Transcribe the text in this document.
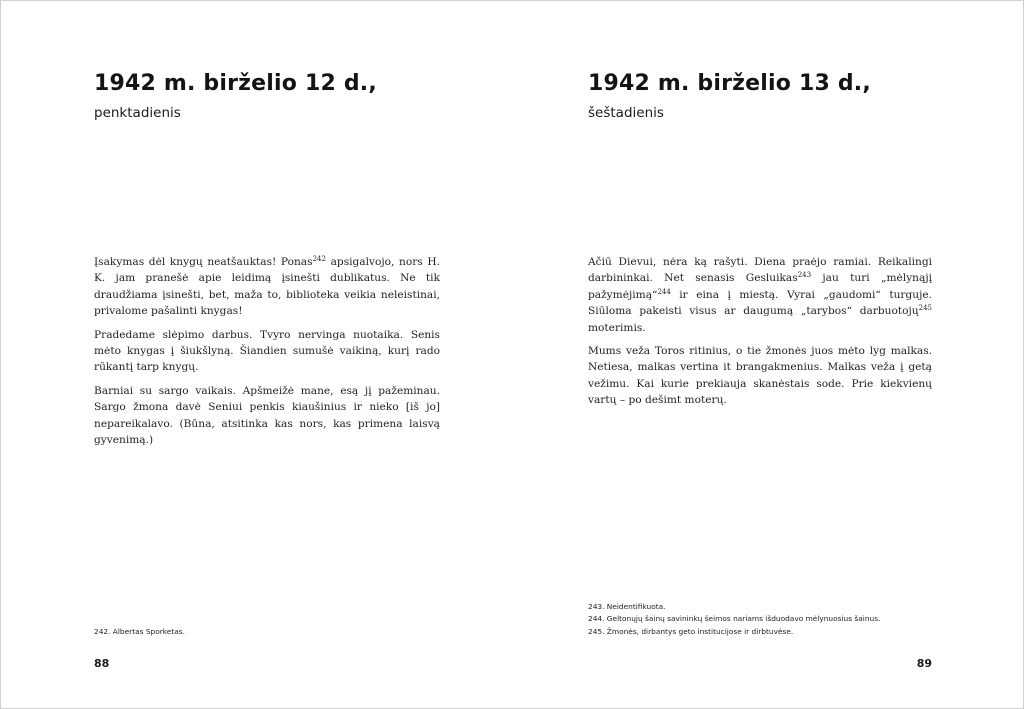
1942 m. birželio 12 d.,
penktadienis

Įsakymas dėl knygų neatšauktas! Ponas$^{242}$ apsigalvojo, nors H. K. jam pranešė apie leidimą įsinešti dublikatus. Ne tik draudžiama įsinešti, bet, maža to, biblioteka veikia neleistinai, privalome pašalinti knygas!

Pradedame slėpimo darbus. Tvyro nervinga nuotaika. Senis mėto knygas į šiukšlyną. Šiandien sumušė vaikiną, kurį rado rūkantį tarp knygų.

Barniai su sargo vaikais. Apšmeižė mane, esą jį pažeminau. Sargo žmona davė Seniui penkis kiaušinius ir nieko [iš jo] nepareikalavo. (Būna, atsitinka kas nors, kas primena laisvą gyvenimą.)

242. Albertas Sporketas.
88
1942 m. birželio 13 d.,
šeštadienis

Ačiū Dievui, nėra ką rašyti. Diena praėjo ramiai. Reikalingi darbininkai. Net senasis Gesluikas$^{243}$ jau turi „mėlynąjį pažymėjimą“$^{244}$ ir eina į miestą. Vyrai „gaudomi“ turguje. Siūloma pakeisti visus ar daugumą „tarybos“ darbuotojų$^{245}$ moterimis.

Mums veža Toros ritinius, o tie žmonės juos mėto lyg malkas. Netiesa, malkas vertina it brangakmenius. Malkas veža į getą vežimu. Kai kurie prekiauja skanėstais sode. Prie kiekvienų vartų – po dešimt moterų.

243. Neidentifikuota.
244. Geltonųjų šainų savininkų šeimos nariams išduodavo mėlynuosius šainus.
245. Žmonės, dirbantys geto institucijose ir dirbtuvėse.
89
